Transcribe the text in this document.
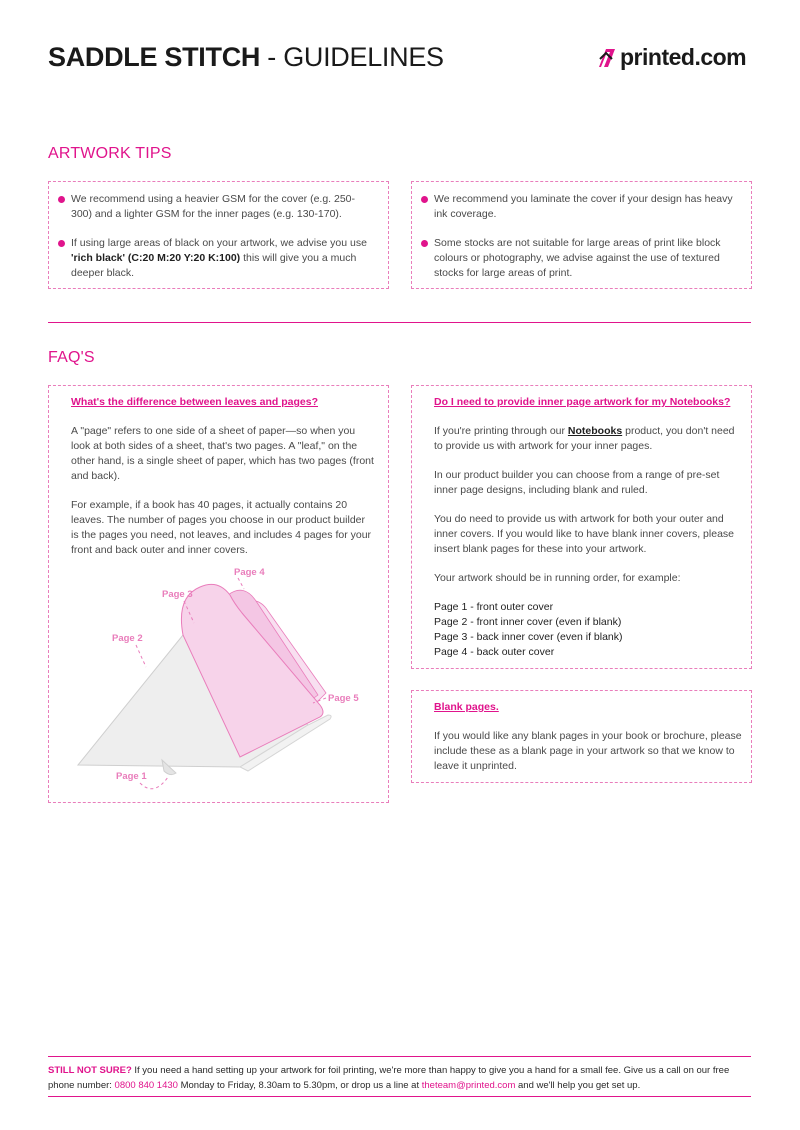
SADDLE STITCH - GUIDELINES	printed.com
ARTWORK TIPS
We recommend using a heavier GSM for the cover (e.g. 250-300) and a lighter GSM for the inner pages (e.g. 130-170).
If using large areas of black on your artwork, we advise you use 'rich black' (C:20 M:20 Y:20 K:100) this will give you a much deeper black.
We recommend you laminate the cover if your design has heavy ink coverage.
Some stocks are not suitable for large areas of print like block colours or photography, we advise against the use of textured stocks for large areas of print.
FAQ'S
What's the difference between leaves and pages?

A "page" refers to one side of a sheet of paper—so when you look at both sides of a sheet, that's two pages. A "leaf," on the other hand, is a single sheet of paper, which has two pages (front and back).

For example, if a book has 40 pages, it actually contains 20 leaves. The number of pages you choose in our product builder is the pages you need, not leaves, and includes 4 pages for your front and back outer and inner covers.

Page 4
Page 3
Page 2
Page 5
Page 1
Do I need to provide inner page artwork for my Notebooks?

If you're printing through our Notebooks product, you don't need to provide us with artwork for your inner pages.

In our product builder you can choose from a range of pre-set inner page designs, including blank and ruled.

You do need to provide us with artwork for both your outer and inner covers. If you would like to have blank inner covers, please insert blank pages for these into your artwork.

Your artwork should be in running order, for example:

Page 1 - front outer cover
Page 2 - front inner cover (even if blank)
Page 3 - back inner cover (even if blank)
Page 4 - back outer cover
Blank pages.

If you would like any blank pages in your book or brochure, please include these as a blank page in your artwork so that we know to leave it unprinted.

STILL NOT SURE? If you need a hand setting up your artwork for foil printing, we're more than happy to give you a hand for a small fee. Give us a call on our free phone number: 0800 840 1430 Monday to Friday, 8.30am to 5.30pm, or drop us a line at theteam@printed.com and we'll help you get set up.
